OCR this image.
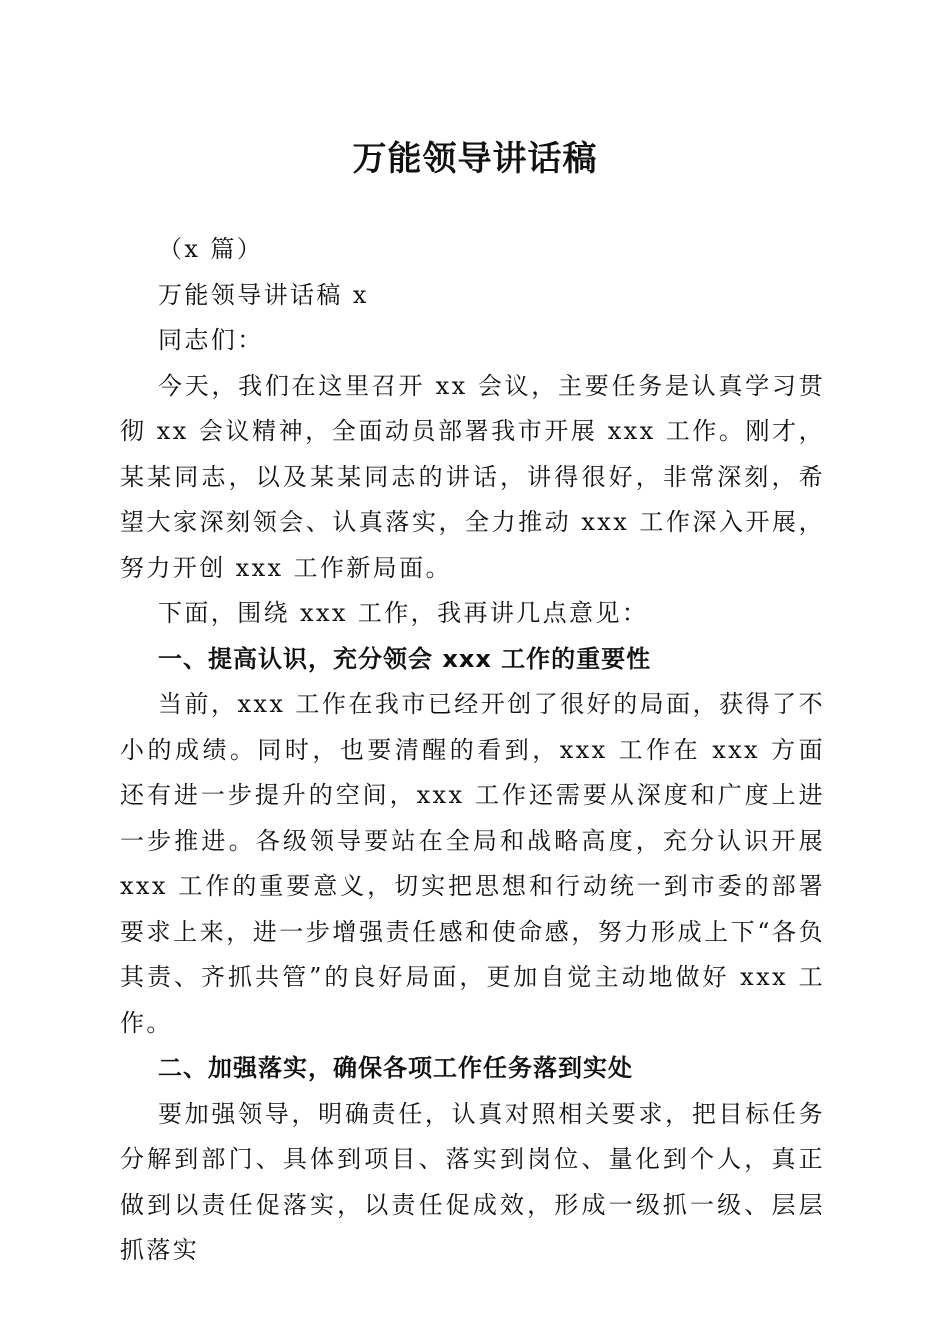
万能领导讲话稿

（x 篇）

万能领导讲话稿 x

同志们：

今天，我们在这里召开 xx 会议，主要任务是认真学习贯彻 xx 会议精神，全面动员部署我市开展 xxx 工作。刚才，某某同志，以及某某同志的讲话，讲得很好，非常深刻，希望大家深刻领会、认真落实，全力推动 xxx 工作深入开展，努力开创 xxx 工作新局面。

下面，围绕 xxx 工作，我再讲几点意见：

一、提高认识，充分领会 xxx 工作的重要性

当前，xxx 工作在我市已经开创了很好的局面，获得了不小的成绩。同时，也要清醒的看到，xxx 工作在 xxx 方面还有进一步提升的空间，xxx 工作还需要从深度和广度上进一步推进。各级领导要站在全局和战略高度，充分认识开展 xxx 工作的重要意义，切实把思想和行动统一到市委的部署要求上来，进一步增强责任感和使命感，努力形成上下“各负其责、齐抓共管”的良好局面，更加自觉主动地做好 xxx 工作。

二、加强落实，确保各项工作任务落到实处

要加强领导，明确责任，认真对照相关要求，把目标任务分解到部门、具体到项目、落实到岗位、量化到个人，真正做到以责任促落实，以责任促成效，形成一级抓一级、层层抓落实
